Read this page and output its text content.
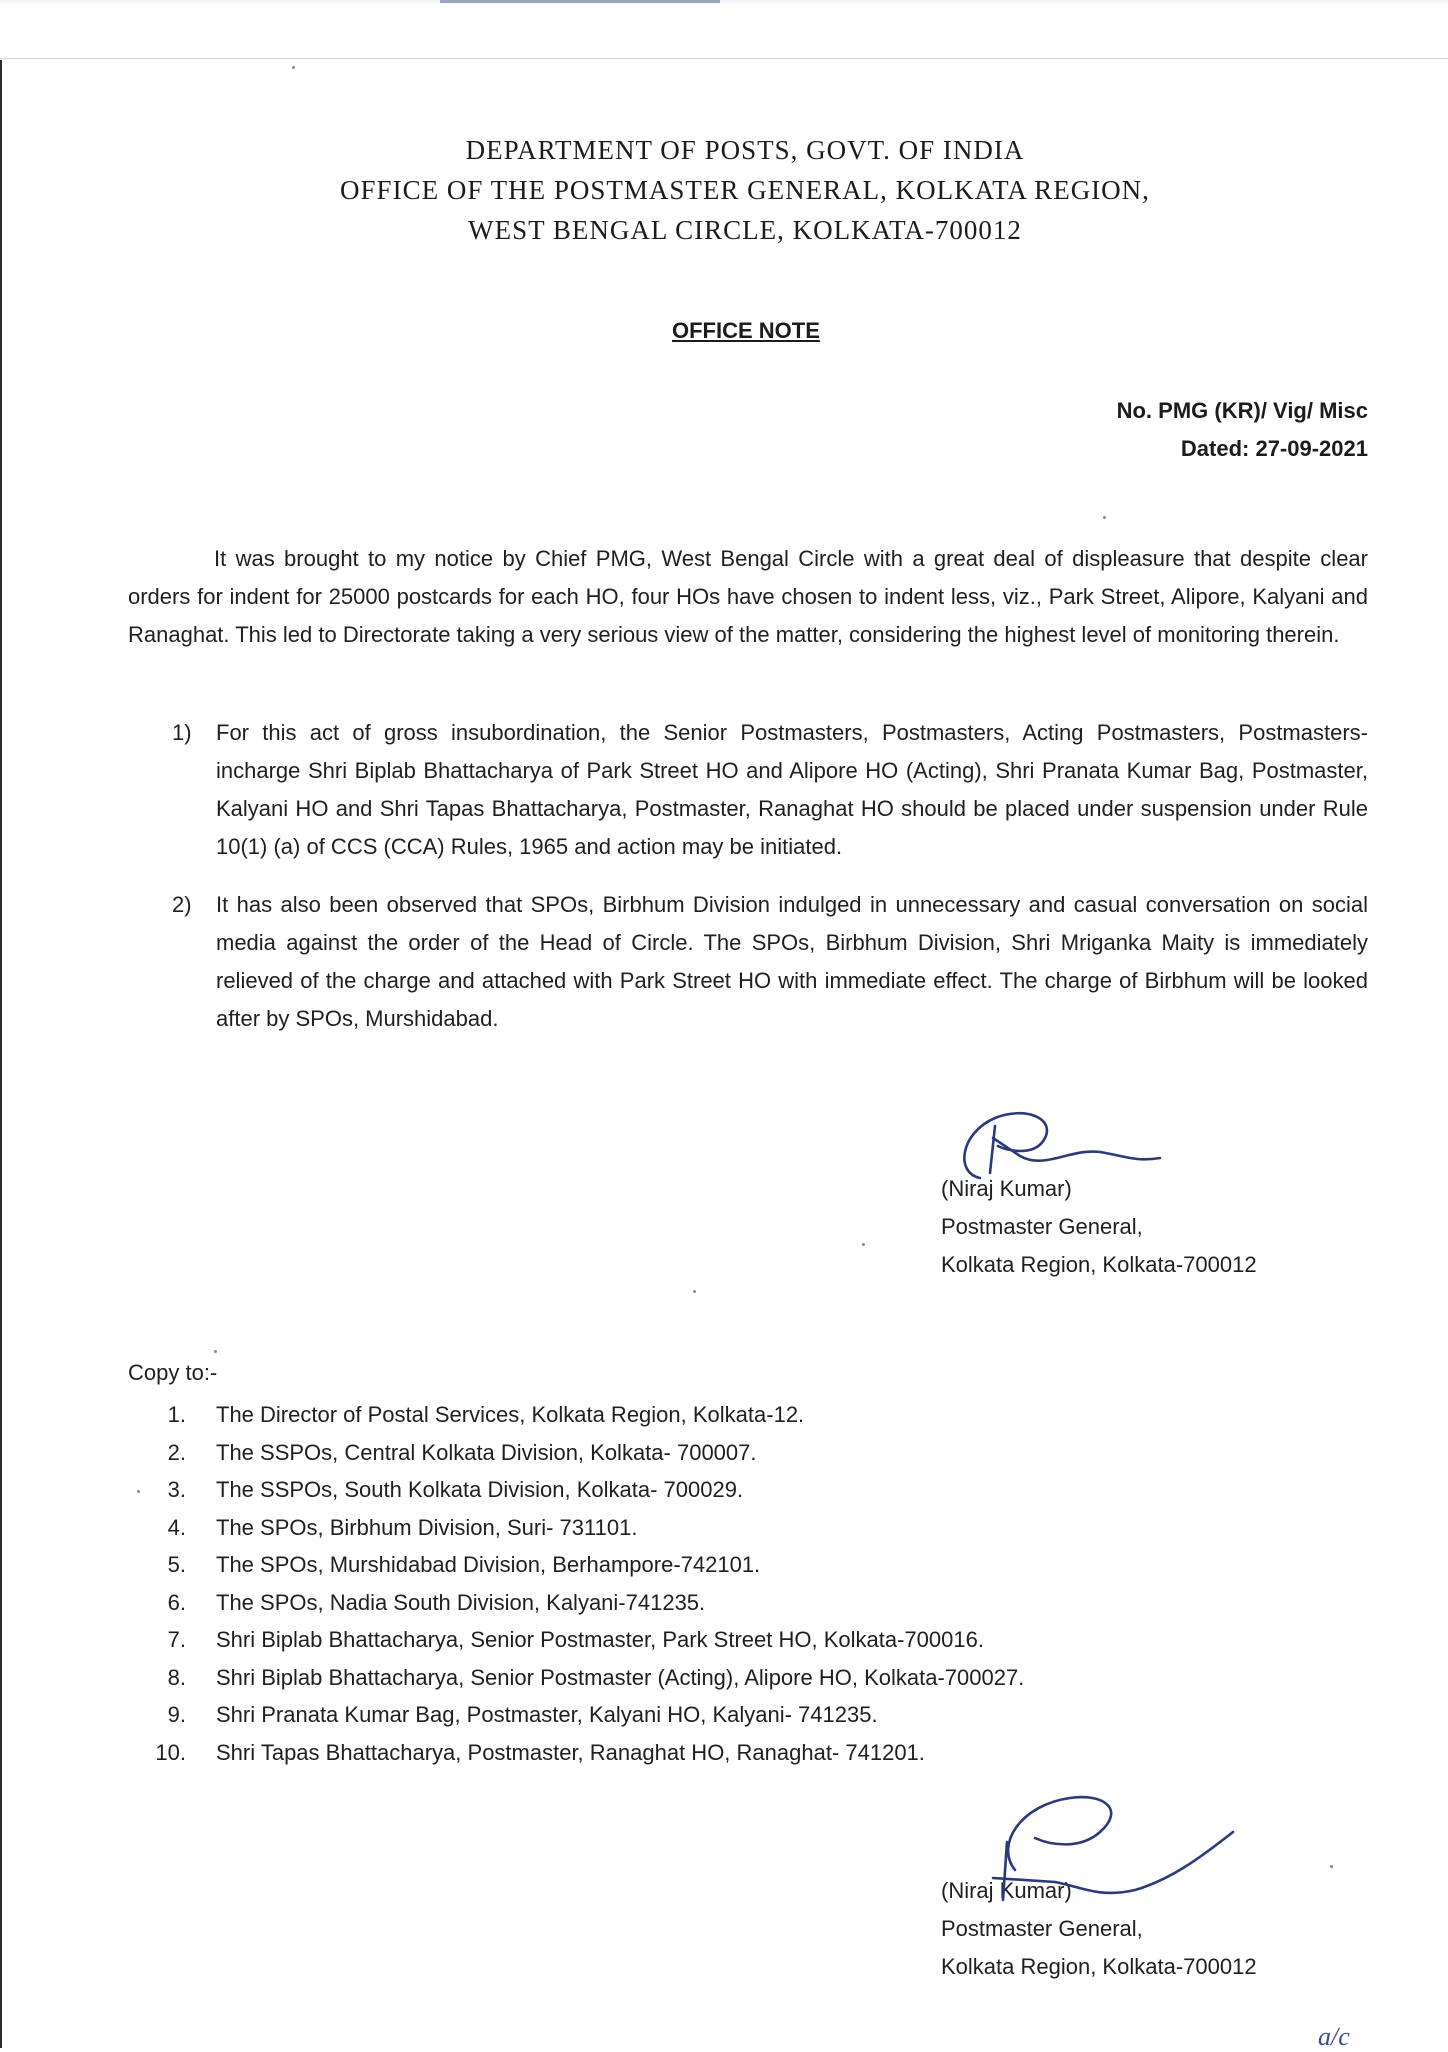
DEPARTMENT OF POSTS, GOVT. OF INDIA
OFFICE OF THE POSTMASTER GENERAL, KOLKATA REGION,
WEST BENGAL CIRCLE, KOLKATA-700012
OFFICE NOTE
No. PMG (KR)/ Vig/ Misc
Dated: 27-09-2021
It was brought to my notice by Chief PMG, West Bengal Circle with a great deal of displeasure that despite clear orders for indent for 25000 postcards for each HO, four HOs have chosen to indent less, viz., Park Street, Alipore, Kalyani and Ranaghat. This led to Directorate taking a very serious view of the matter, considering the highest level of monitoring therein.
1) For this act of gross insubordination, the Senior Postmasters, Postmasters, Acting Postmasters, Postmasters- incharge Shri Biplab Bhattacharya of Park Street HO and Alipore HO (Acting), Shri Pranata Kumar Bag, Postmaster, Kalyani HO and Shri Tapas Bhattacharya, Postmaster, Ranaghat HO should be placed under suspension under Rule 10(1) (a) of CCS (CCA) Rules, 1965 and action may be initiated.
2) It has also been observed that SPOs, Birbhum Division indulged in unnecessary and casual conversation on social media against the order of the Head of Circle. The SPOs, Birbhum Division, Shri Mriganka Maity is immediately relieved of the charge and attached with Park Street HO with immediate effect. The charge of Birbhum will be looked after by SPOs, Murshidabad.
(Niraj Kumar)
Postmaster General,
Kolkata Region, Kolkata-700012
Copy to:-
1. The Director of Postal Services, Kolkata Region, Kolkata-12.
2. The SSPOs, Central Kolkata Division, Kolkata- 700007.
3. The SSPOs, South Kolkata Division, Kolkata- 700029.
4. The SPOs, Birbhum Division, Suri- 731101.
5. The SPOs, Murshidabad Division, Berhampore-742101.
6. The SPOs, Nadia South Division, Kalyani-741235.
7. Shri Biplab Bhattacharya, Senior Postmaster, Park Street HO, Kolkata-700016.
8. Shri Biplab Bhattacharya, Senior Postmaster (Acting), Alipore HO, Kolkata-700027.
9. Shri Pranata Kumar Bag, Postmaster, Kalyani HO, Kalyani- 741235.
10. Shri Tapas Bhattacharya, Postmaster, Ranaghat HO, Ranaghat- 741201.
(Niraj Kumar)
Postmaster General,
Kolkata Region, Kolkata-700012
a/c
